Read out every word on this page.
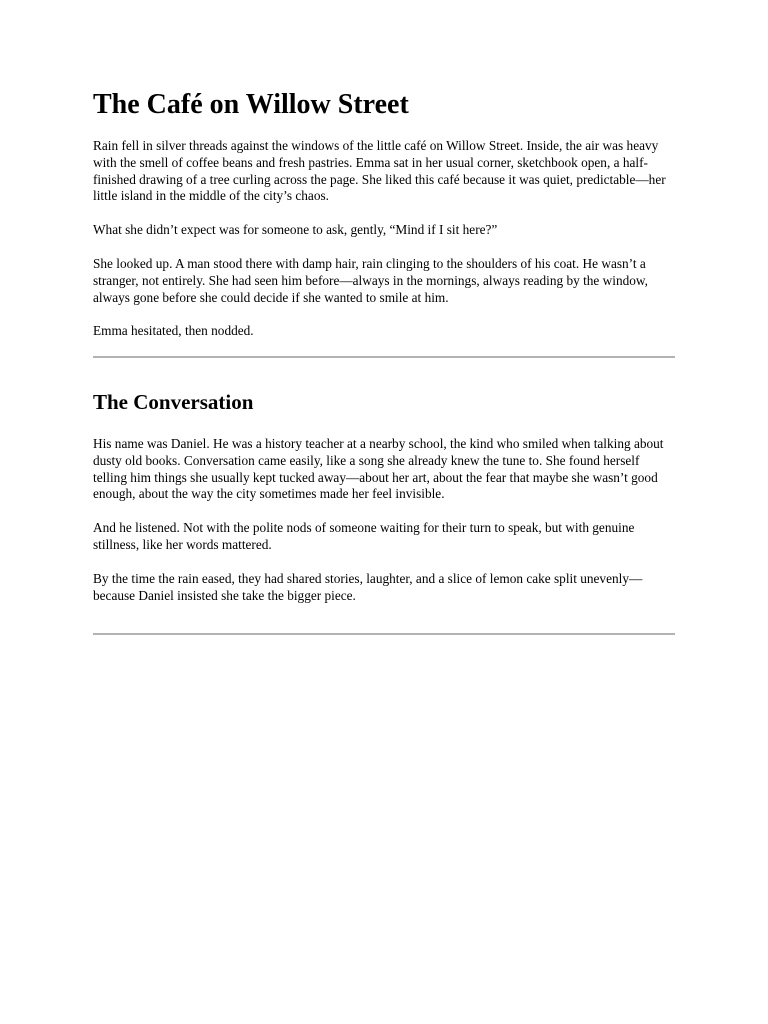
The Café on Willow Street

Rain fell in silver threads against the windows of the little café on Willow Street. Inside, the air was heavy with the smell of coffee beans and fresh pastries. Emma sat in her usual corner, sketchbook open, a half-finished drawing of a tree curling across the page. She liked this café because it was quiet, predictable—her little island in the middle of the city’s chaos.

What she didn’t expect was for someone to ask, gently, “Mind if I sit here?”

She looked up. A man stood there with damp hair, rain clinging to the shoulders of his coat. He wasn’t a stranger, not entirely. She had seen him before—always in the mornings, always reading by the window, always gone before she could decide if she wanted to smile at him.

Emma hesitated, then nodded.

The Conversation

His name was Daniel. He was a history teacher at a nearby school, the kind who smiled when talking about dusty old books. Conversation came easily, like a song she already knew the tune to. She found herself telling him things she usually kept tucked away—about her art, about the fear that maybe she wasn’t good enough, about the way the city sometimes made her feel invisible.

And he listened. Not with the polite nods of someone waiting for their turn to speak, but with genuine stillness, like her words mattered.

By the time the rain eased, they had shared stories, laughter, and a slice of lemon cake split unevenly—because Daniel insisted she take the bigger piece.
